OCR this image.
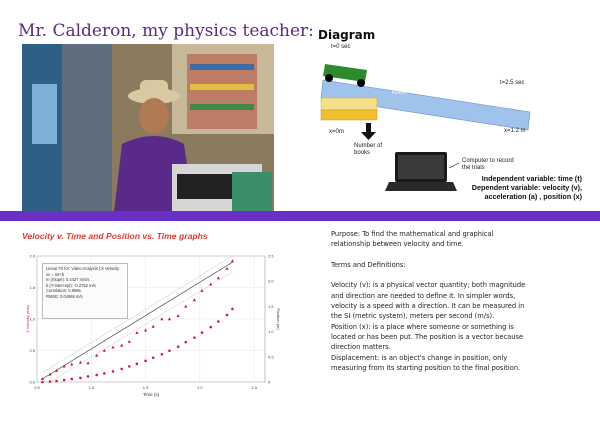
Mr. Calderon, my physics teacher: Diagram
t=0 sec
t=2.5 sec
RAMP
x=0m	x=1.2 m
Number of
books
Computer to record
the trials
Independent variable: time (t)
Dependent variable: velocity (v),
acceleration (a) , position (x)
Velocity v. Time and Position vs. Time graphs
0.5	1.0	1.5	2.0	2.5
0.0
0.5
1.0
1.5
2.0
0
0.5
1.0
1.5
2.0
2.5
Time (s)
X Velocity (m/s)	Position (m)
Linear Fit for: Video Analysis | X Velocity
vx = mt+b
m (Slope): 0.4427 m/s/s
b (Y-Intercept): -0.2752 m/s
Correlation: 0.9586
RMSE: 0.04965 m/s

Purpose: To find the mathematical and graphical

relationship between velocity and time.

Terms and Definitions:

Velocity (v): is a physical vector quantity; both magnitude

and direction are needed to define it. In simpler words,

velocity is a speed with a direction. It can be measured in

the SI (metric system), meters per second (m/s).

Position (x): is a place where someone or something is

located or has been put. The position is a vector because

direction matters.

Displacement: is an object's change in position, only

measuring from its starting position to the final position.
